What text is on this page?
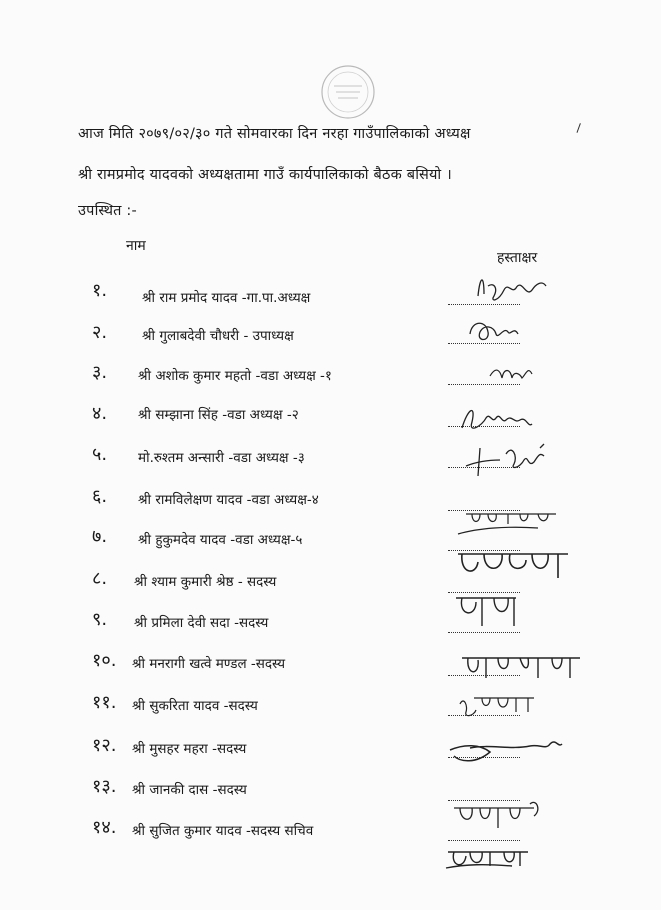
आज मिति २०७९/०२/३० गते सोमवारका दिन नरहा गाउँपालिकाको अध्यक्ष
श्री रामप्रमोद यादवको अध्यक्षतामा गाउँ कार्यपालिकाको बैठक बसियो ।
उपस्थित :-
नाम
हस्ताक्षर
१.	श्री राम प्रमोद यादव -गा.पा.अध्यक्ष
२.	श्री गुलाबदेवी चौधरी - उपाध्यक्ष
३. श्री अशोक कुमार महतो -वडा अध्यक्ष -१
४. श्री सम्झाना सिंह -वडा अध्यक्ष -२
५. मो.रुश्तम अन्सारी -वडा अध्यक्ष -३
६. श्री रामविलेक्षण यादव -वडा अध्यक्ष-४
७. श्री हुकुमदेव यादव -वडा अध्यक्ष-५
८. श्री श्याम कुमारी श्रेष्ठ - सदस्य
९. श्री प्रमिला देवी सदा -सदस्य
१०. श्री मनरागी खत्वे मण्डल -सदस्य
११. श्री सुकरिता यादव -सदस्य
१२. श्री मुसहर महरा -सदस्य
१३. श्री जानकी दास -सदस्य
१४. श्री सुजित कुमार यादव -सदस्य सचिव
